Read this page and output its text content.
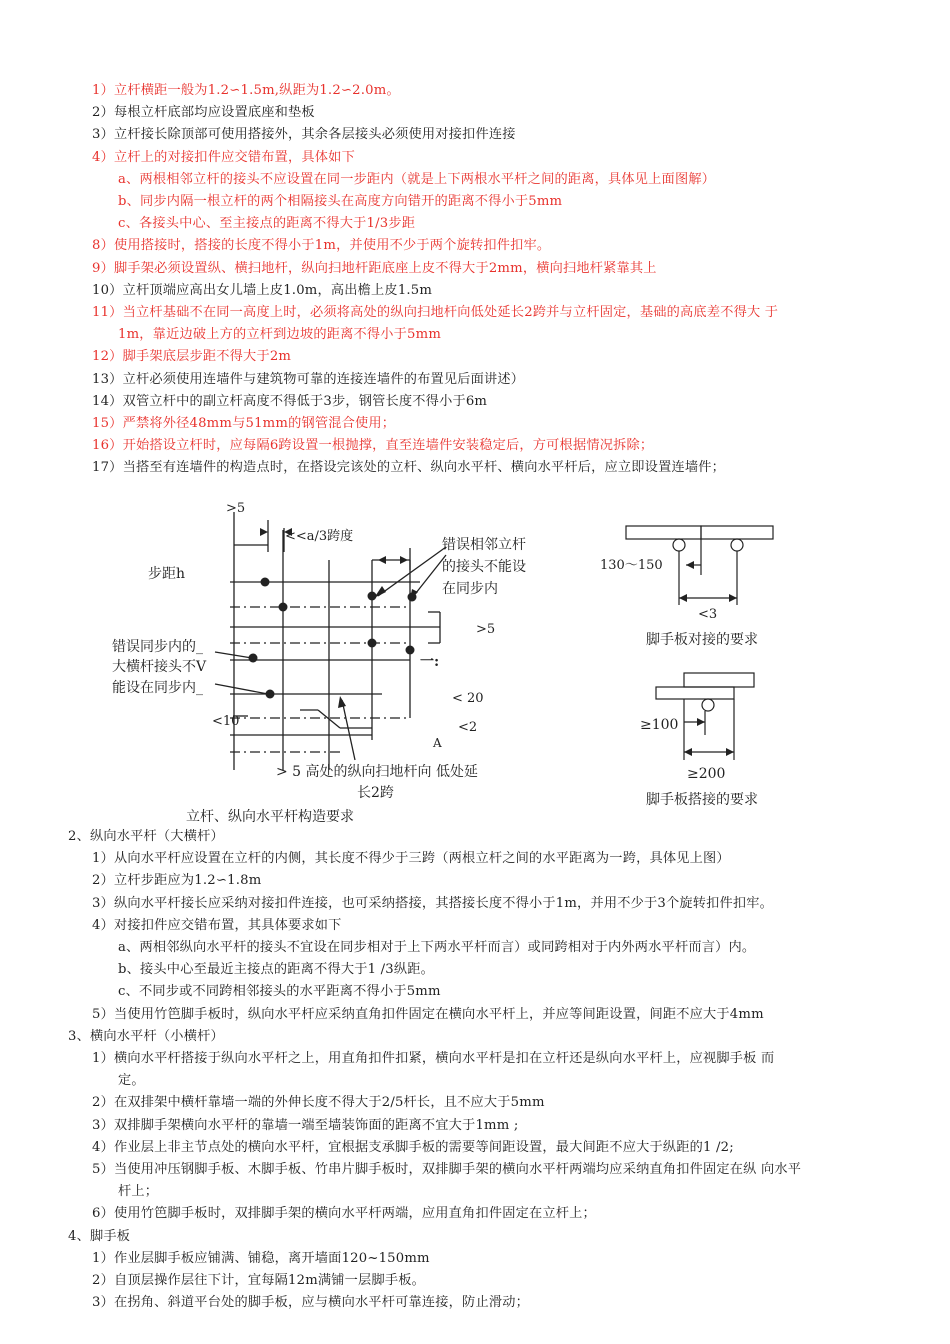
1）立杆横距一般为1.2∽1.5m,纵距为1.2∽2.0m。
2）每根立杆底部均应设置底座和垫板
3）立杆接长除顶部可使用搭接外，其余各层接头必须使用对接扣件连接
4）立杆上的对接扣件应交错布置，具体如下
a、两根相邻立杆的接头不应设置在同一步距内（就是上下两根水平杆之间的距离，具体见上面图解）
b、同步内隔一根立杆的两个相隔接头在高度方向错开的距离不得小于5mm
c、各接头中心、至主接点的距离不得大于1/3步距
8）使用搭接时，搭接的长度不得小于1m，并使用不少于两个旋转扣件扣牢。
9）脚手架必须设置纵、横扫地杆，纵向扫地杆距底座上皮不得大于2mm，横向扫地杆紧靠其上
10）立杆顶端应高出女儿墙上皮1.0m，高出檐上皮1.5m
11）当立杆基础不在同一高度上时，必须将高处的纵向扫地杆向低处延长2跨并与立杆固定，基础的高底差不得大 于
1m，靠近边破上方的立杆到边坡的距离不得小于5mm
12）脚手架底层步距不得大于2m
13）立杆必须使用连墙件与建筑物可靠的连接连墙件的布置见后面讲述）
14）双管立杆中的副立杆高度不得低于3步，钢管长度不得小于6m
15）严禁将外径48mm与51mm的钢管混合使用；
16）开始搭设立杆时，应每隔6跨设置一根抛撑，直至连墙件安装稳定后，方可根据情况拆除；
17）当搭至有连墙件的构造点时，在搭设完该处的立杆、纵向水平杆、横向水平杆后，应立即设置连墙件；
>5
<<a/3跨度
步距h
错误相邻立杆
的接头不能设
在同步内
错误同步内的_
大横杆接头不V
能设在同步内_
<10
>5
一:
< 20
<2
A
> 5 高处的纵向扫地杆向 低处延
长2跨
立杆、纵向水平杆构造要求
130～150
<3
脚手板对接的要求
≥100
≥200
脚手板搭接的要求
2、纵向水平杆（大横杆）
1）从向水平杆应设置在立杆的内侧，其长度不得少于三跨（两根立杆之间的水平距离为一跨，具体见上图）
2）立杆步距应为1.2∽1.8m
3）纵向水平杆接长应采纳对接扣件连接，也可采纳搭接，其搭接长度不得小于1m，并用不少于3个旋转扣件扣牢。
4）对接扣件应交错布置，其具体要求如下
a、两相邻纵向水平杆的接头不宜设在同步相对于上下两水平杆而言）或同跨相对于内外两水平杆而言）内。
b、接头中心至最近主接点的距离不得大于1 /3纵距。
c、不同步或不同跨相邻接头的水平距离不得小于5mm
5）当使用竹笆脚手板时，纵向水平杆应采纳直角扣件固定在横向水平杆上，并应等间距设置，间距不应大于4mm
3、横向水平杆（小横杆）
1）横向水平杆搭接于纵向水平杆之上，用直角扣件扣紧，横向水平杆是扣在立杆还是纵向水平杆上，应视脚手板 而
定。
2）在双排架中横杆靠墙一端的外伸长度不得大于2/5杆长，且不应大于5mm
3）双排脚手架横向水平杆的靠墙一端至墙装饰面的距离不宜大于1mm ;
4）作业层上非主节点处的横向水平杆，宜根据支承脚手板的需要等间距设置，最大间距不应大于纵距的1 /2;
5）当使用冲压钢脚手板、木脚手板、竹串片脚手板时，双排脚手架的横向水平杆两端均应采纳直角扣件固定在纵 向水平
杆上；
6）使用竹笆脚手板时，双排脚手架的横向水平杆两端，应用直角扣件固定在立杆上；
4、脚手板
1）作业层脚手板应铺满、铺稳，离开墙面120~150mm
2）自顶层操作层往下计，宜每隔12m满铺一层脚手板。
3）在拐角、斜道平台处的脚手板，应与横向水平杆可靠连接，防止滑动；
